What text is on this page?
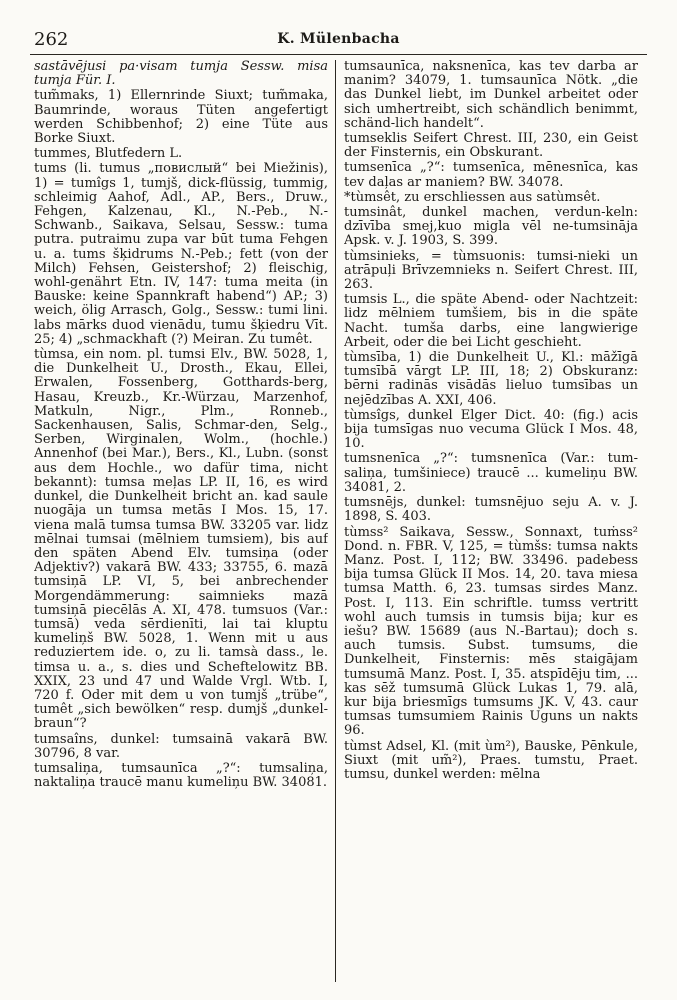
262	K. Mülenbacha

sastāvējusi pa·visam tumja Sessw. misa tumja Für. I.

tum̃maks, 1) Ellernrinde Siuxt; tum̃maka, Baumrinde, woraus Tüten angefertigt werden Schibbenhof; 2) eine Tüte aus Borke Siuxt.

tummes, Blutfedern L.

tums (li. tumus „повислый“ bei Miežinis), 1) = tumîgs 1, tumjš, dick-flüssig, tummig, schleimig Aahof, Adl., AP., Bers., Druw., Fehgen, Kalzenau, Kl., N.-Peb., N.-Schwanb., Saikava, Selsau, Sessw.: tuma putra. putraimu zupa var būt tuma Fehgen u. a. tums šķidrums N.-Peb.; fett (von der Milch) Fehsen, Geistershof; 2) fleischig, wohl-genährt Etn. IV, 147: tuma meita (in Bauske: keine Spannkraft habend“) AP.; 3) weich, ölig Arrasch, Golg., Sessw.: tumi lini. labs mārks duod vienādu, tumu šķiedru Vīt. 25; 4) „schmackhaft (?) Meiran. Zu tumêt.

tùmsa, ein nom. pl. tumsi Elv., BW. 5028, 1, die Dunkelheit U., Drosth., Ekau, Ellei, Erwalen, Fossenberg, Gotthards-berg, Hasau, Kreuzb., Kr.-Würzau, Marzenhof, Matkuln, Nigr., Plm., Ronneb., Sackenhausen, Salis, Schmar-den, Selg., Serben, Wirginalen, Wolm., (hochle.) Annenhof (bei Mar.), Bers., Kl., Lubn. (sonst aus dem Hochle., wo dafür tima, nicht bekannt): tumsa meļas LP. II, 16, es wird dunkel, die Dunkelheit bricht an. kad saule nuogāja un tumsa metās I Mos. 15, 17. viena malā tumsa tumsa BW. 33205 var. lidz mēlnai tumsai (mēlniem tumsiem), bis auf den späten Abend Elv. tumsiņa (oder Adjektiv?) vakarā BW. 433; 33755, 6. mazā tumsiņā LP. VI, 5, bei anbrechender Morgendämmerung: saimnieks mazā tumsiņā piecēlās A. XI, 478. tumsuos (Var.: tumsā) veda sērdienīti, lai tai kluptu kumeliņš BW. 5028, 1. Wenn mit u aus reduziertem ide. o, zu li. tamsà dass., le. timsa u. a., s. dies und Scheftelowitz BB. XXIX, 23 und 47 und Walde Vrgl. Wtb. I, 720 f. Oder mit dem u von tumjš „trübe“, tumêt „sich bewölken“ resp. dumjš „dunkel-braun“?

tumsaîns, dunkel: tumsainā vakarā BW. 30796, 8 var.

tumsaliņa, tumsaunīca „?“: tumsaliņa, naktaliņa traucē manu kumeliņu BW. 34081.

tumsaunīca, naksnenīca, kas tev darba ar manim? 34079, 1. tumsaunīca Nötk. „die das Dunkel liebt, im Dunkel arbeitet oder sich umhertreibt, sich schändlich benimmt, schänd-lich handelt“.

tumseklis Seifert Chrest. III, 230, ein Geist der Finsternis, ein Obskurant.

tumsenīca „?“: tumsenīca, mēnesnīca, kas tev daļas ar maniem? BW. 34078.

*tùmsêt, zu erschliessen aus satùmsêt.

tumsinât, dunkel machen, verdun-keln: dzīvība smej,kuo migla vēl ne-tumsināja Apsk. v. J. 1903, S. 399.

tùmsinieks, = tùmsuonis: tumsi-nieki un atrāpuļi Brīvzemnieks n. Seifert Chrest. III, 263.

tumsis L., die späte Abend- oder Nachtzeit: lidz mēlniem tumšiem, bis in die späte Nacht. tumša darbs, eine langwierige Arbeit, oder die bei Licht geschieht.

tùmsība, 1) die Dunkelheit U., Kl.: māžīgā tumsībā vārgt LP. III, 18; 2) Obskuranz: bērni radinās visādās lieluo tumsības un nejēdzības A. XXI, 406.

tùmsîgs, dunkel Elger Dict. 40: (fig.) acis bija tumsīgas nuo vecuma Glück I Mos. 48, 10.

tumsnenīca „?“: tumsnenīca (Var.: tum-saliņa, tumšiniece) traucē ... kumeliņu BW. 34081, 2.

tumsnējs, dunkel: tumsnējuo seju A. v. J. 1898, S. 403.

tùmss² Saikava, Sessw., Sonnaxt, tuṁss² Dond. n. FBR. V, 125, = tùmšs: tumsa nakts Manz. Post. I, 112; BW. 33496. padebess bija tumsa Glück II Mos. 14, 20. tava miesa tumsa Matth. 6, 23. tumsas sirdes Manz. Post. I, 113. Ein schriftle. tumss vertritt wohl auch tumsis in tumsis bija; kur es iešu? BW. 15689 (aus N.-Bartau); doch s. auch tumsis. Subst. tumsums, die Dunkelheit, Finsternis: mēs staigājam tumsumā Manz. Post. I, 35. atspīdēju tim, ... kas sēž tumsumā Glück Lukas 1, 79. alā, kur bija briesmīgs tumsums JK. V, 43. caur tumsas tumsumiem Rainis Uguns un nakts 96.

tùmst Adsel, Kl. (mit ùm²), Bauske, Pēnkule, Siuxt (mit um̃²), Praes. tumstu, Praet. tumsu, dunkel werden: mēlna
